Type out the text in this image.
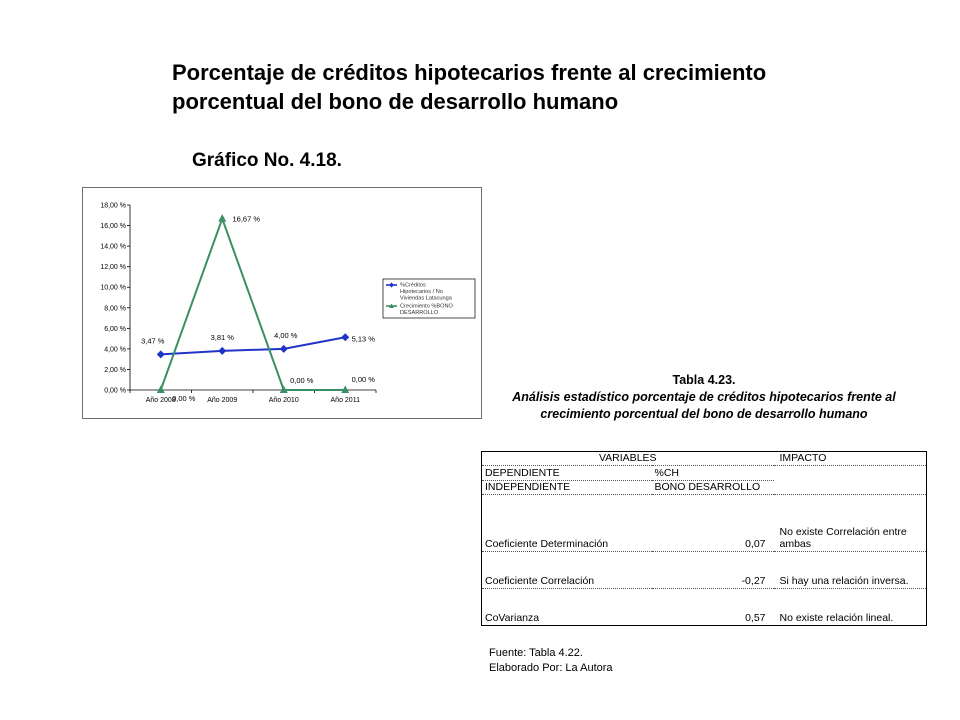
Porcentaje de créditos hipotecarios frente al crecimiento
porcentual del bono de desarrollo humano
Gráfico No. 4.18.
0,00 %
2,00 %
4,00 %
6,00 %
8,00 %
10,00 %
12,00 %
14,00 %
16,00 %
18,00 %
Año 2008	Año 2009	Año 2010	Año 2011
3,47 %	3,81 %	4,00 %	5,13 %
0,00 %
16,67 %
0,00 %	0,00 %
%Créditos Hipotecarios / No Viviendas Latacunga
Crecimiento %BONO DESARROLLO
Tabla 4.23.
Análisis estadístico porcentaje de créditos hipotecarios frente al crecimiento porcentual del bono de desarrollo humano
VARIABLES		IMPACTO
DEPENDIENTE	%CH	
INDEPENDIENTE	BONO DESARROLLO	
Coeficiente Determinación	0,07	No existe Correlación entre ambas
Coeficiente Correlación	-0,27	Si hay una relación inversa.
CoVarianza	0,57	No existe relación lineal.
Fuente: Tabla 4.22.
Elaborado Por: La Autora
